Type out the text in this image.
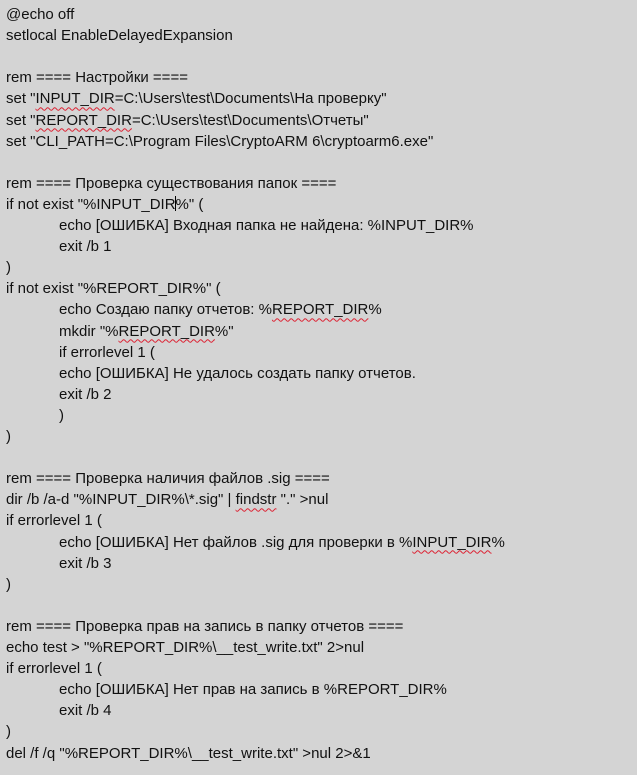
@echo off
setlocal EnableDelayedExpansion
rem ==== Настройки ====
set "INPUT_DIR=C:\Users\test\Documents\На проверку"
set "REPORT_DIR=C:\Users\test\Documents\Отчеты"
set "CLI_PATH=C:\Program Files\CryptoARM 6\cryptoarm6.exe"
rem ==== Проверка существования папок ====
if not exist "%INPUT_DIR%" (
echo [ОШИБКА] Входная папка не найдена: %INPUT_DIR%
exit /b 1
)
if not exist "%REPORT_DIR%" (
echo Создаю папку отчетов: %REPORT_DIR%
mkdir "%REPORT_DIR%"
if errorlevel 1 (
echo [ОШИБКА] Не удалось создать папку отчетов.
exit /b 2
)
)
rem ==== Проверка наличия файлов .sig ====
dir /b /a-d "%INPUT_DIR%\*.sig" | findstr "." >nul
if errorlevel 1 (
echo [ОШИБКА] Нет файлов .sig для проверки в %INPUT_DIR%
exit /b 3
)
rem ==== Проверка прав на запись в папку отчетов ====
echo test > "%REPORT_DIR%\__test_write.txt" 2>nul
if errorlevel 1 (
echo [ОШИБКА] Нет прав на запись в %REPORT_DIR%
exit /b 4
)
del /f /q "%REPORT_DIR%\__test_write.txt" >nul 2>&1
